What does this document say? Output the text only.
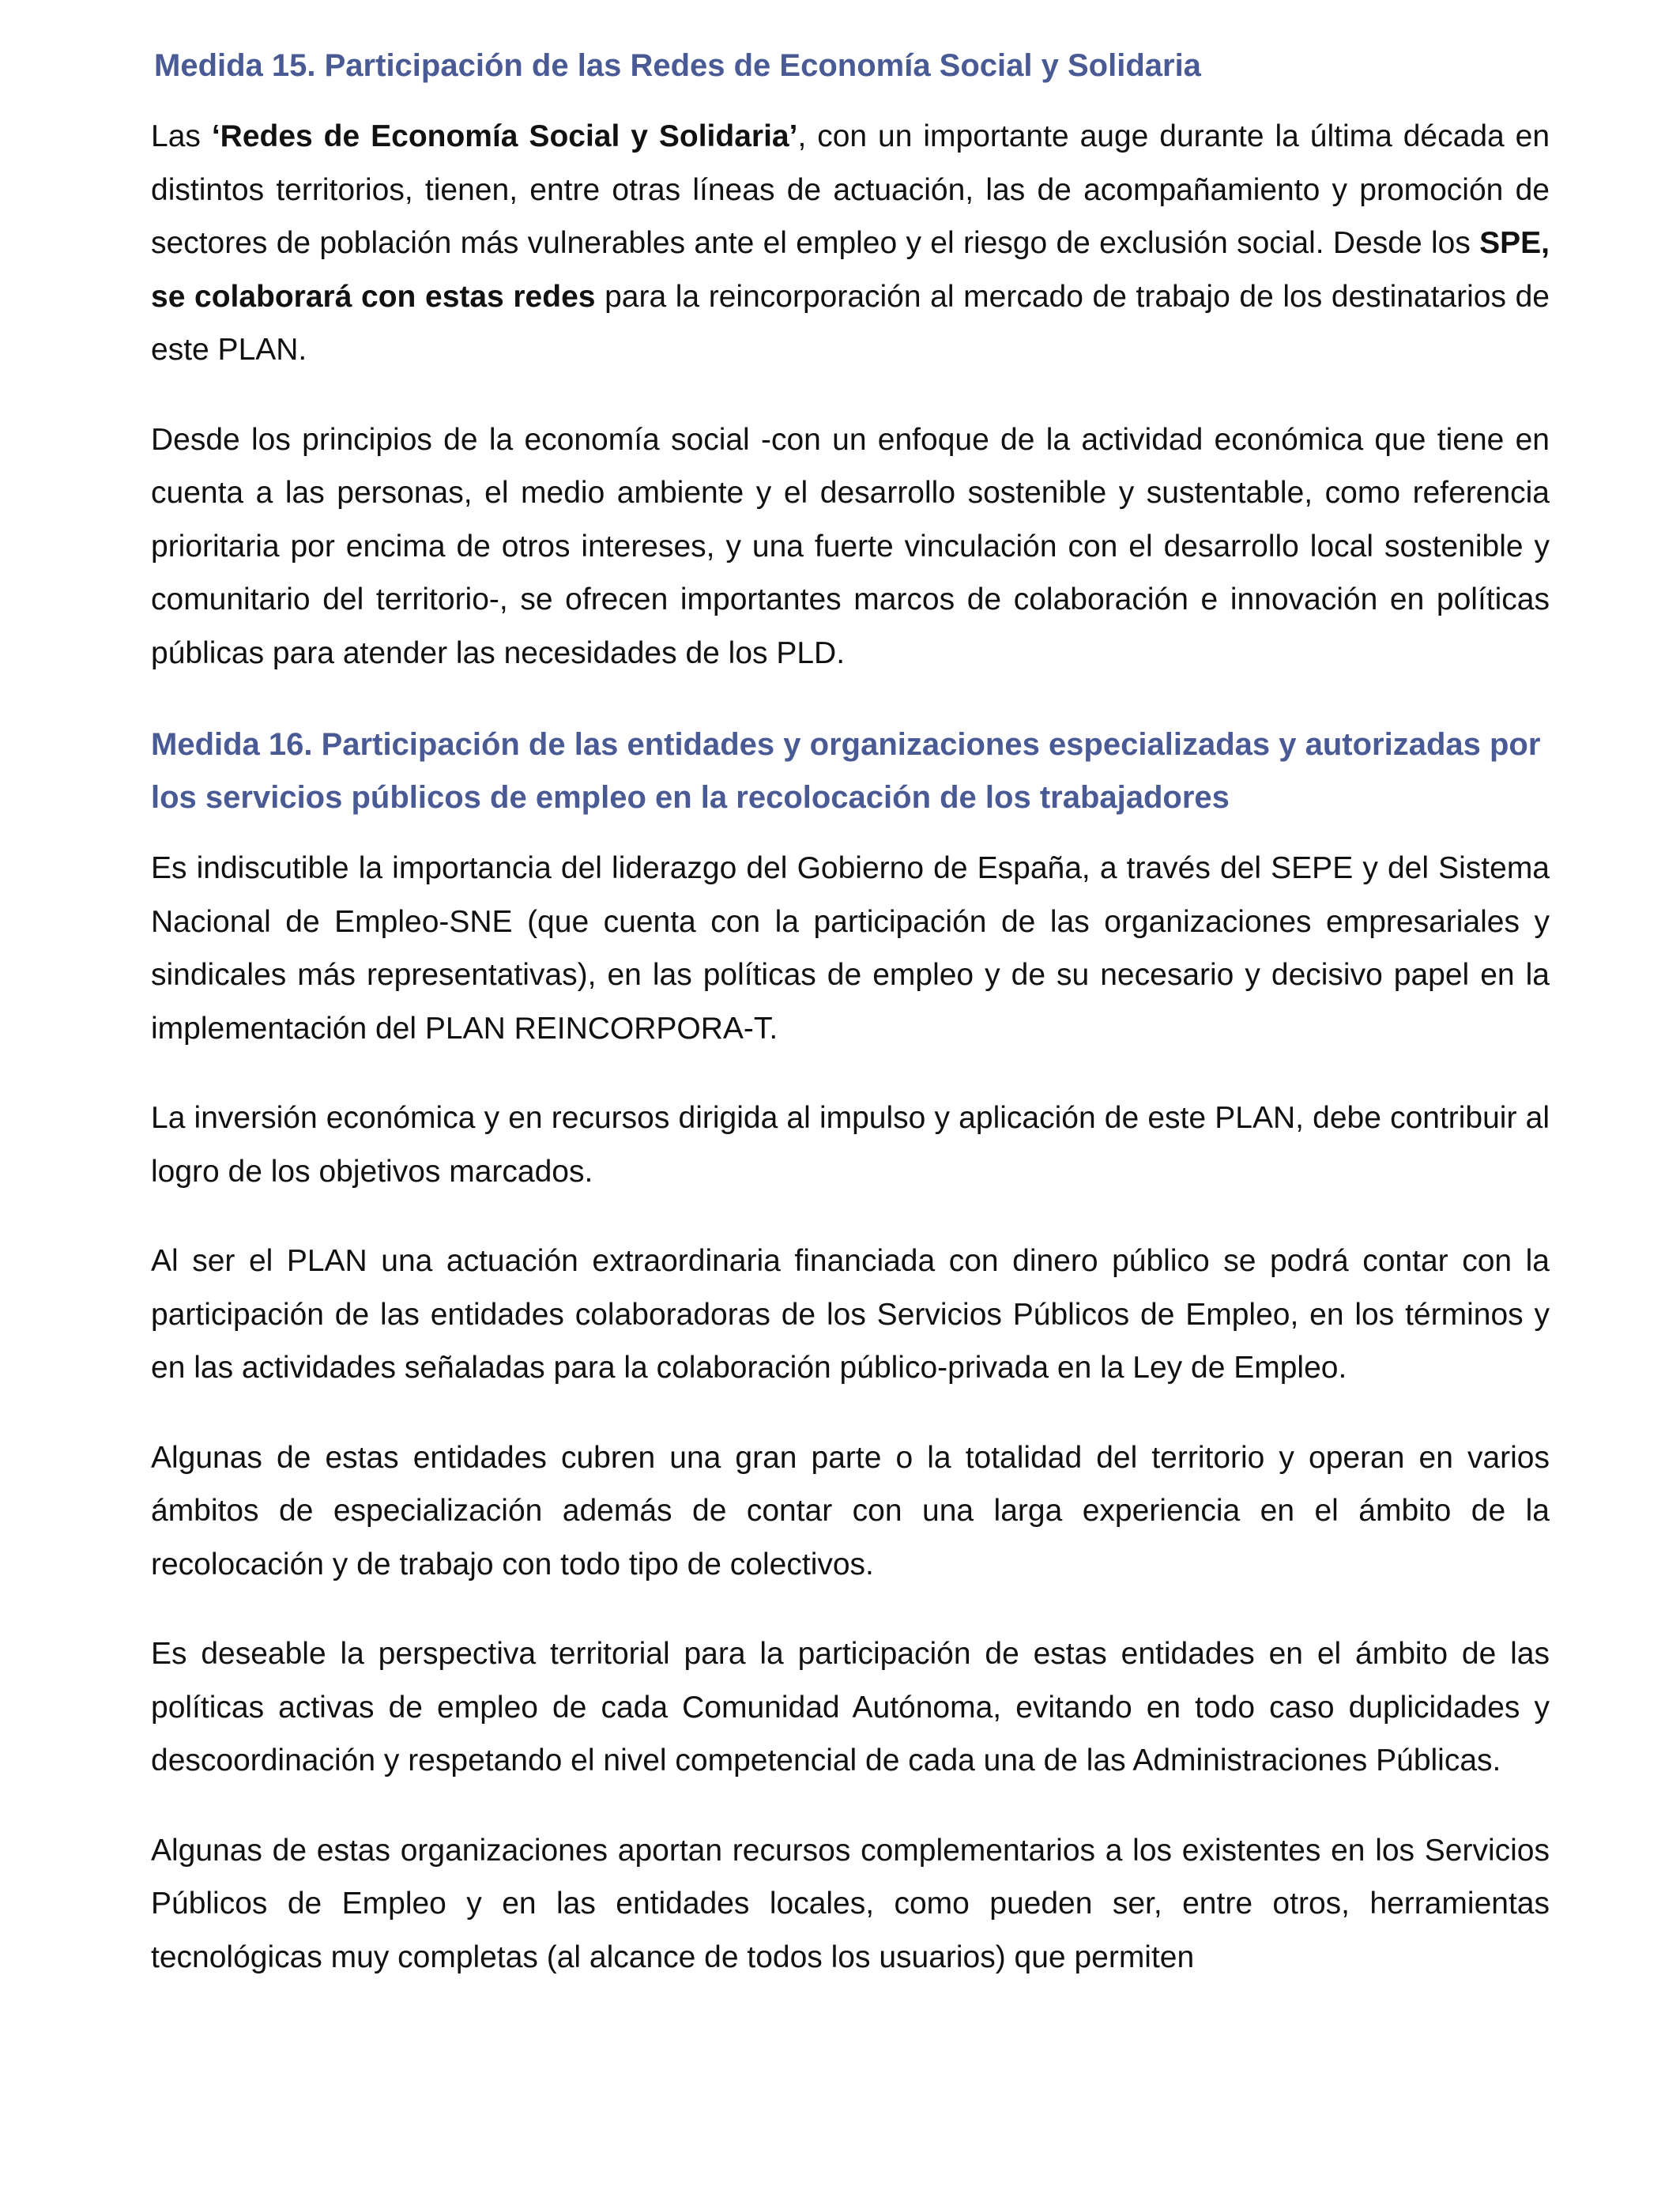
Medida 15. Participación de las Redes de Economía Social y Solidaria

Las ‘Redes de Economía Social y Solidaria’, con un importante auge durante la última década en distintos territorios, tienen, entre otras líneas de actuación, las de acompañamiento y promoción de sectores de población más vulnerables ante el empleo y el riesgo de exclusión social. Desde los SPE, se colaborará con estas redes para la reincorporación al mercado de trabajo de los destinatarios de este PLAN.

Desde los principios de la economía social -con un enfoque de la actividad económica que tiene en cuenta a las personas, el medio ambiente y el desarrollo sostenible y sustentable, como referencia prioritaria por encima de otros intereses, y una fuerte vinculación con el desarrollo local sostenible y comunitario del territorio-, se ofrecen importantes marcos de colaboración e innovación en políticas públicas para atender las necesidades de los PLD.

Medida 16. Participación de las entidades y organizaciones especializadas y autorizadas por los servicios públicos de empleo en la recolocación de los trabajadores

Es indiscutible la importancia del liderazgo del Gobierno de España, a través del SEPE y del Sistema Nacional de Empleo-SNE (que cuenta con la participación de las organizaciones empresariales y sindicales más representativas), en las políticas de empleo y de su necesario y decisivo papel en la implementación del PLAN REINCORPORA-T.

La inversión económica y en recursos dirigida al impulso y aplicación de este PLAN, debe contribuir al logro de los objetivos marcados.

Al ser el PLAN una actuación extraordinaria financiada con dinero público se podrá contar con la participación de las entidades colaboradoras de los Servicios Públicos de Empleo, en los términos y en las actividades señaladas para la colaboración público-privada en la Ley de Empleo.

Algunas de estas entidades cubren una gran parte o la totalidad del territorio y operan en varios ámbitos de especialización además de contar con una larga experiencia en el ámbito de la recolocación y de trabajo con todo tipo de colectivos.

Es deseable la perspectiva territorial para la participación de estas entidades en el ámbito de las políticas activas de empleo de cada Comunidad Autónoma, evitando en todo caso duplicidades y descoordinación y respetando el nivel competencial de cada una de las Administraciones Públicas.

Algunas de estas organizaciones aportan recursos complementarios a los existentes en los Servicios Públicos de Empleo y en las entidades locales, como pueden ser, entre otros, herramientas tecnológicas muy completas (al alcance de todos los usuarios) que permiten
